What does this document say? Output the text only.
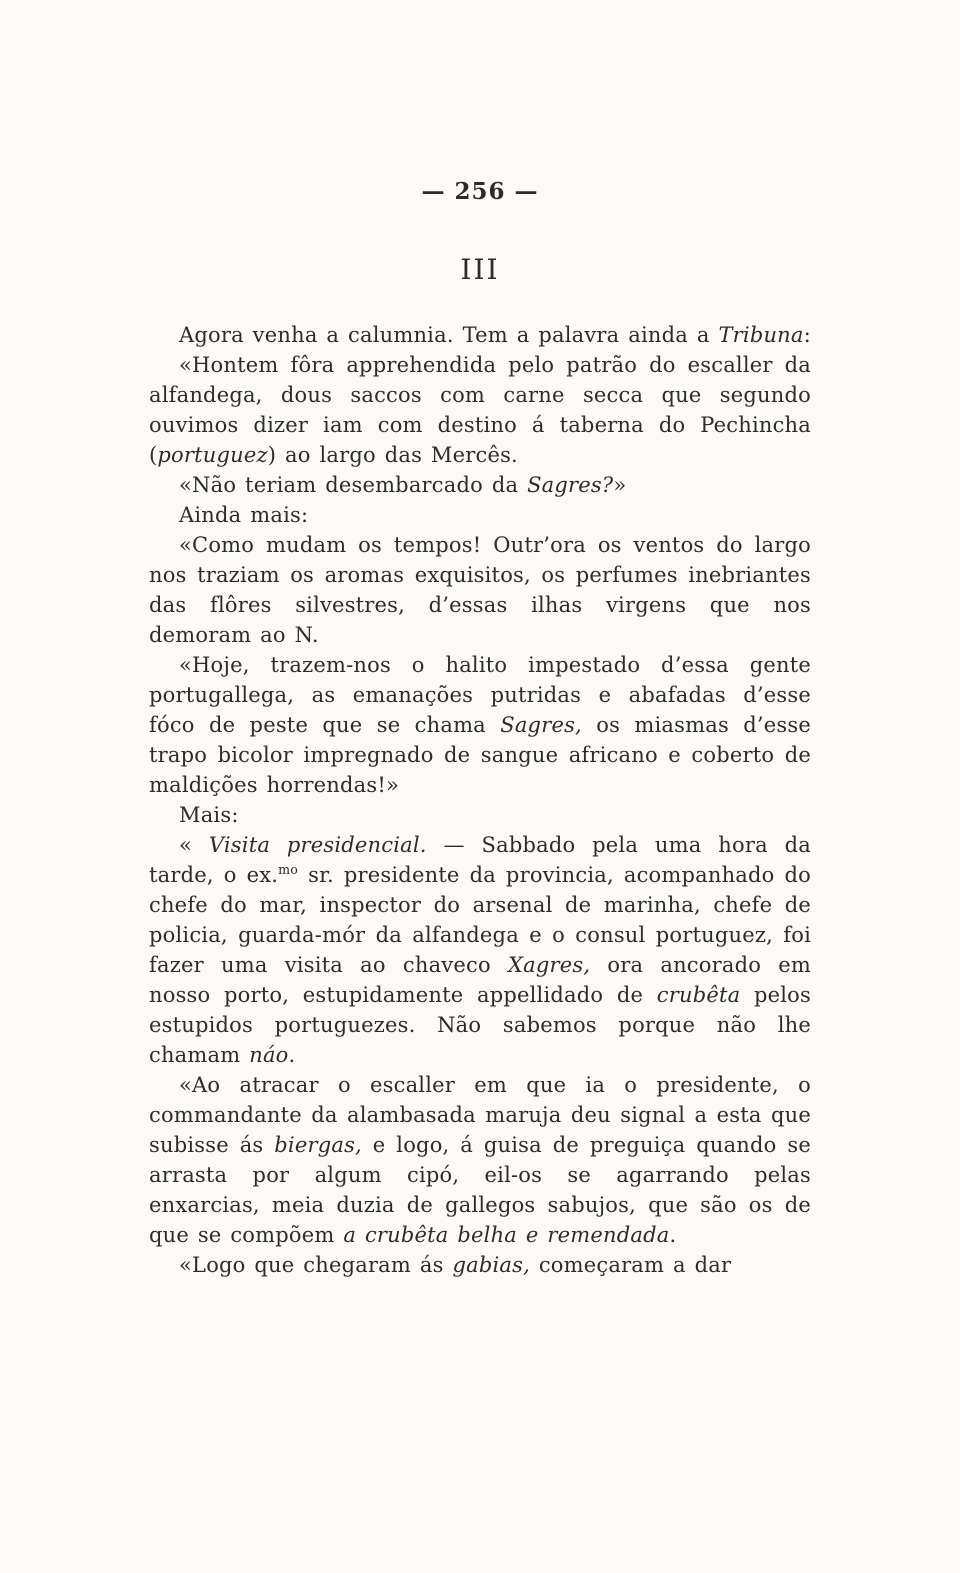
— 256 —
III

Agora venha a calumnia. Tem a palavra ainda a Tribuna:

«Hontem fôra apprehendida pelo patrão do escaller da alfandega, dous saccos com carne secca que segundo ouvimos dizer iam com destino á taberna do Pechincha (portuguez) ao largo das Mercês.

«Não teriam desembarcado da Sagres?»

Ainda mais:

«Como mudam os tempos! Outr’ora os ventos do largo nos traziam os aromas exquisitos, os perfumes inebriantes das flôres silvestres, d’essas ilhas virgens que nos demoram ao N.

«Hoje, trazem-nos o halito impestado d’essa gente portugallega, as emanações putridas e abafadas d’esse fóco de peste que se chama Sagres, os miasmas d’esse trapo bicolor impregnado de sangue africano e coberto de maldições horrendas!»

Mais:

« Visita presidencial. — Sabbado pela uma hora da tarde, o ex.$^{mo}$ sr. presidente da provincia, acompanhado do chefe do mar, inspector do arsenal de marinha, chefe de policia, guarda-mór da alfandega e o consul portuguez, foi fazer uma visita ao chaveco Xagres, ora ancorado em nosso porto, estupidamente appellidado de crubêta pelos estupidos portuguezes. Não sabemos porque não lhe chamam náo.

«Ao atracar o escaller em que ia o presidente, o commandante da alambasada maruja deu signal a esta que subisse ás biergas, e logo, á guisa de preguiça quando se arrasta por algum cipó, eil-os se agarrando pelas enxarcias, meia duzia de gallegos sabujos, que são os de que se compõem a crubêta belha e remendada.

«Logo que chegaram ás gabias, começaram a dar
